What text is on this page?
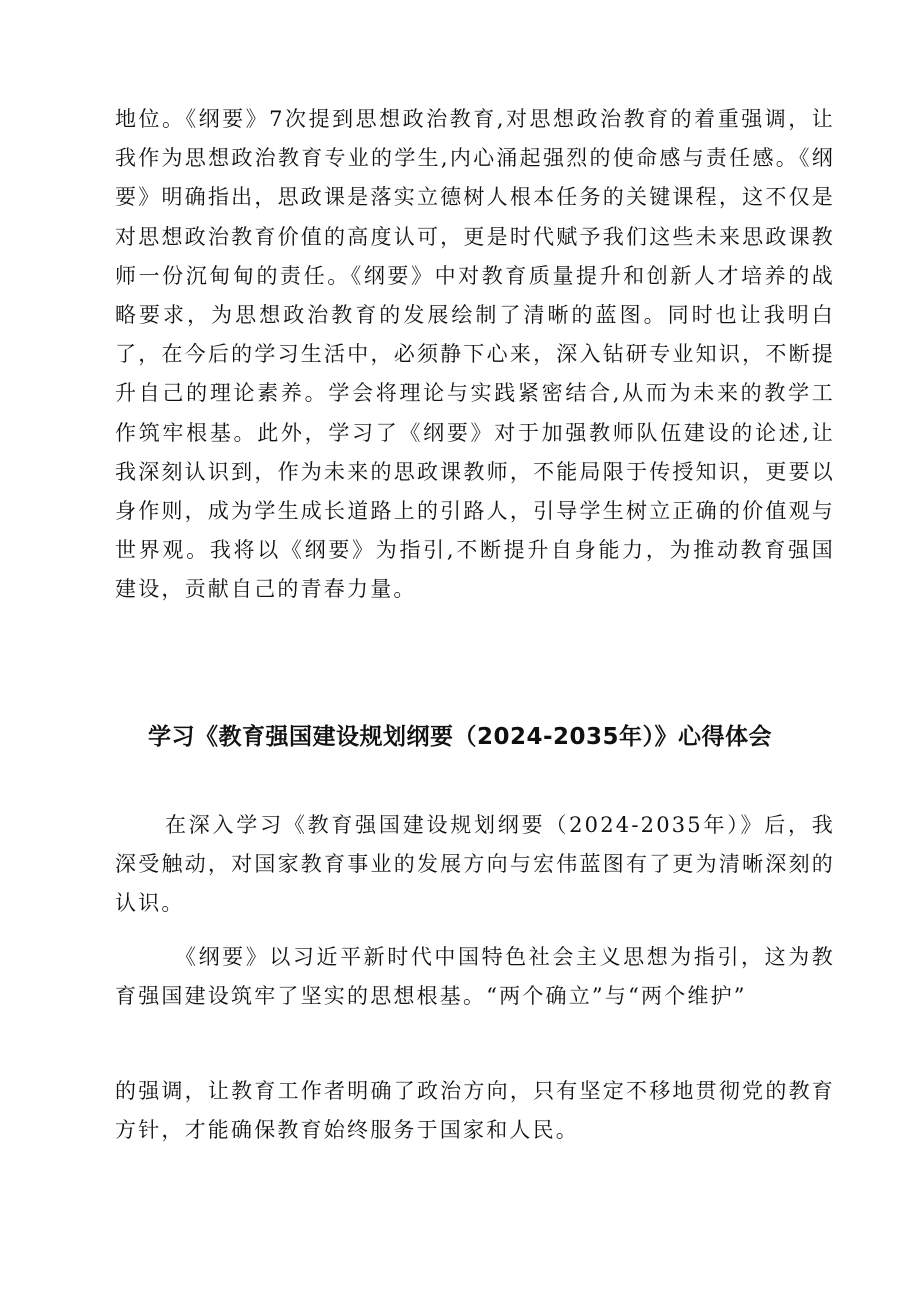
地位。《纲要》7次提到思想政治教育,对思想政治教育的着重强调，让我作为思想政治教育专业的学生,内心涌起强烈的使命感与责任感。《纲要》明确指出，思政课是落实立德树人根本任务的关键课程，这不仅是对思想政治教育价值的高度认可，更是时代赋予我们这些未来思政课教师一份沉甸甸的责任。《纲要》中对教育质量提升和创新人才培养的战略要求，为思想政治教育的发展绘制了清晰的蓝图。同时也让我明白了，在今后的学习生活中，必须静下心来，深入钻研专业知识，不断提升自己的理论素养。学会将理论与实践紧密结合,从而为未来的教学工作筑牢根基。此外，学习了《纲要》对于加强教师队伍建设的论述,让我深刻认识到，作为未来的思政课教师，不能局限于传授知识，更要以身作则，成为学生成长道路上的引路人，引导学生树立正确的价值观与世界观。我将以《纲要》为指引,不断提升自身能力，为推动教育强国建设，贡献自己的青春力量。

学习《教育强国建设规划纲要（2024-2035年）》心得体会

在深入学习《教育强国建设规划纲要（2024-2035年）》后，我深受触动，对国家教育事业的发展方向与宏伟蓝图有了更为清晰深刻的认识。

《纲要》以习近平新时代中国特色社会主义思想为指引，这为教育强国建设筑牢了坚实的思想根基。“两个确立”与“两个维护”

的强调，让教育工作者明确了政治方向，只有坚定不移地贯彻党的教育方针，才能确保教育始终服务于国家和人民。
